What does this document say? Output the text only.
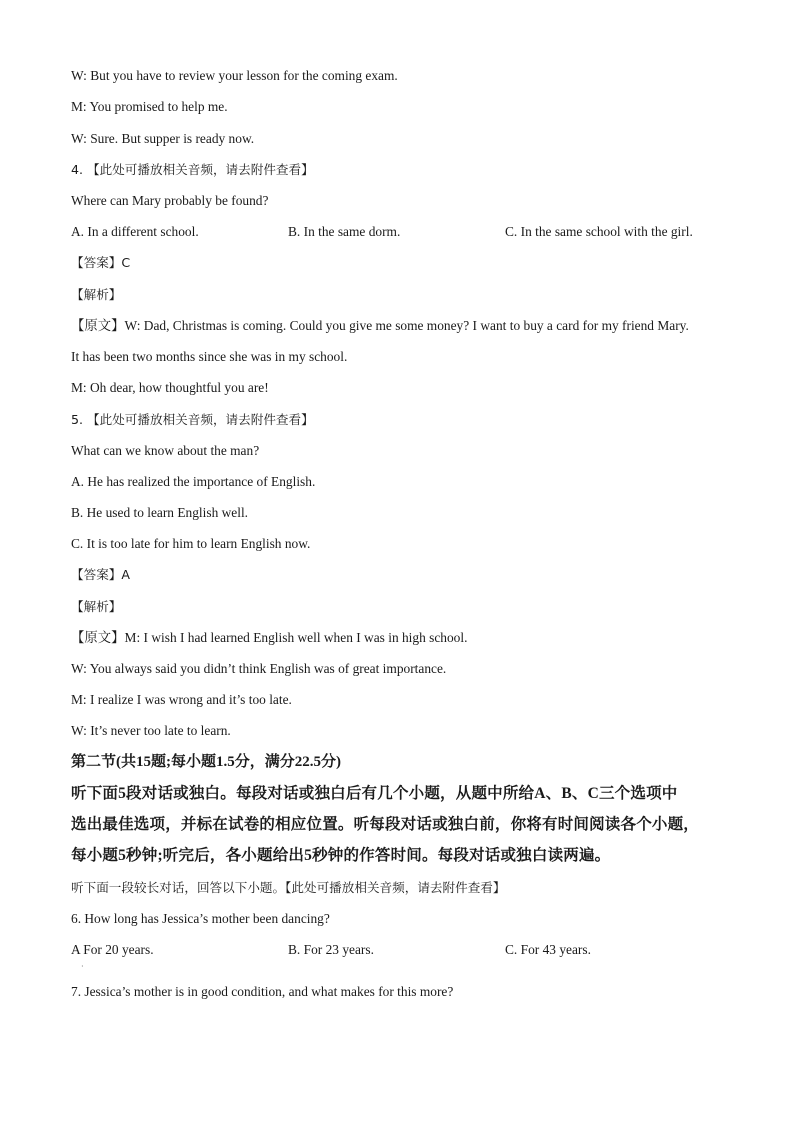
W: But you have to review your lesson for the coming exam.
M: You promised to help me.
W: Sure. But supper is ready now.
4. 【此处可播放相关音频，请去附件查看】
Where can Mary probably be found?
A. In a different school.	B. In the same dorm.	C. In the same school with the girl.
【答案】C
【解析】
【原文】W: Dad, Christmas is coming. Could you give me some money? I want to buy a card for my friend Mary.
It has been two months since she was in my school.
M: Oh dear, how thoughtful you are!
5. 【此处可播放相关音频，请去附件查看】
What can we know about the man?
A. He has realized the importance of English.
B. He used to learn English well.
C. It is too late for him to learn English now.
【答案】A
【解析】
【原文】M: I wish I had learned English well when I was in high school.
W: You always said you didn’t think English was of great importance.
M: I realize I was wrong and it’s too late.
W: It’s never too late to learn.
第二节(共15题;每小题1.5分，满分22.5分)
听下面5段对话或独白。每段对话或独白后有几个小题，从题中所给A、B、C三个选项中
选出最佳选项，并标在试卷的相应位置。听每段对话或独白前，你将有时间阅读各个小题，
每小题5秒钟;听完后，各小题给出5秒钟的作答时间。每段对话或独白读两遍。
听下面一段较长对话，回答以下小题。【此处可播放相关音频，请去附件查看】
6. How long has Jessica’s mother been dancing?
A For 20 years.	B. For 23 years.	C. For 43 years.
·
7. Jessica’s mother is in good condition, and what makes for this more?
